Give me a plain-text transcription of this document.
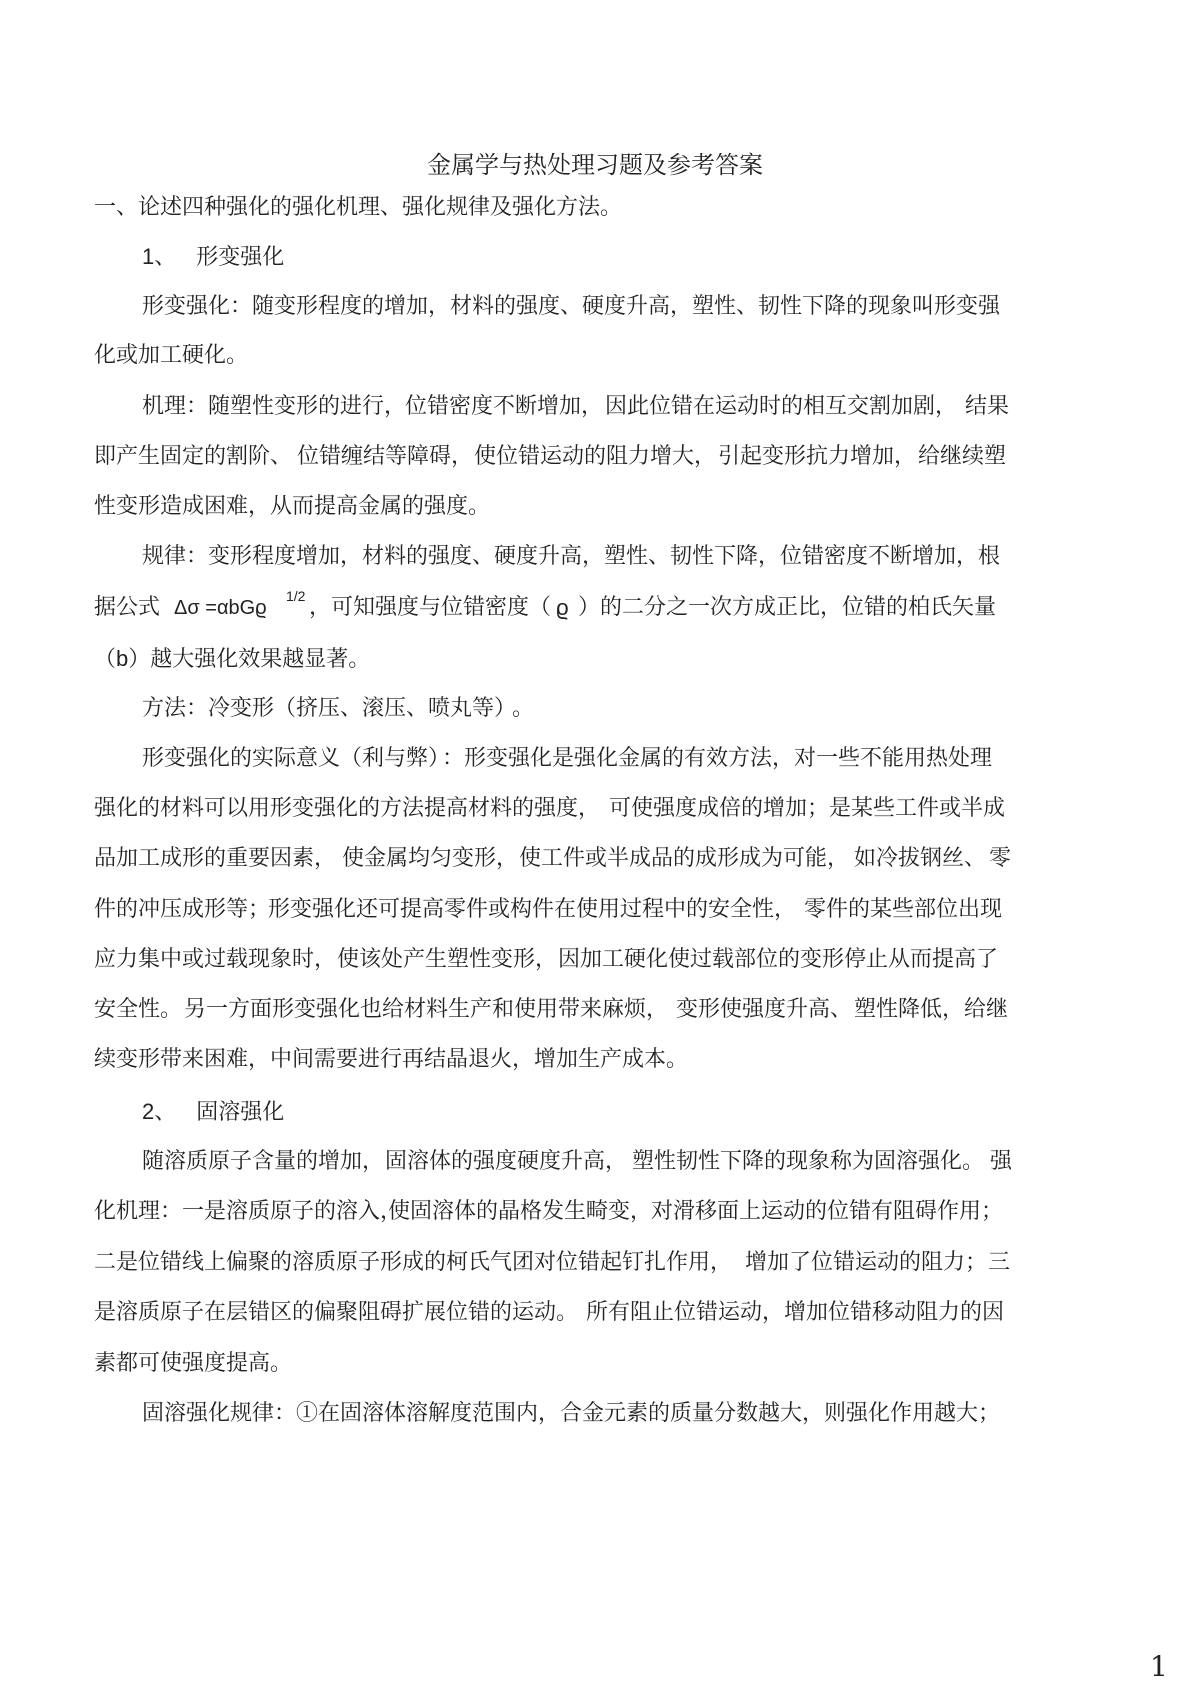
金属学与热处理习题及参考答案
一、论述四种强化的强化机理、强化规律及强化方法。
1、 形变强化
形变强化：随变形程度的增加，材料的强度、硬度升高，塑性、韧性下降的现象叫形变强
化或加工硬化。
机理：随塑性变形的进行，
位错密度不断增加， 因此位错在运动时的相互交割加剧， 结果
即产生固定的割阶、 位错缠结等障碍， 使位错运动的阻力增大， 引起变形抗力增加， 给继续塑
性变形造成困难，从而提高金属的强度。
规律：变形程度增加，材料的强度、硬度升高，塑性、韧性下降，位错密度不断增加，根
据公式 Δσ =αbGϱ
1/2 ，可知强度与位错密度（ ϱ ）的二分之一次方成正比，位错的柏氏矢量
（b）越大强化效果越显著。
方法：冷变形（挤压、滚压、喷丸等）
。
形变强化的实际意义（利与弊）
：形变强化是强化金属的有效方法，对一些不能用热处理
强化的材料可以用形变强化的方法提高材料的强度， 可使强度成倍的增加； 是某些工件或半成
品加工成形的重要因素， 使金属均匀变形， 使工件或半成品的成形成为可能， 如冷拔钢丝、 零
件的冲压成形等；
形变强化还可提高零件或构件在使用过程中的安全性， 零件的某些部位出现
应力集中或过载现象时， 使该处产生塑性变形， 因加工硬化使过载部位的变形停止从而提高了
安全性。 另一方面形变强化也给材料生产和使用带来麻烦， 变形使强度升高、 塑性降低， 给继
续变形带来困难，中间需要进行再结晶退火，增加生产成本。
2、 固溶强化
随溶质原子含量的增加， 固溶体的强度硬度升高， 塑性韧性下降的现象称为固溶强化。 强
化机理：一是溶质原子的溶入，
使固溶体的晶格发生畸变，
对滑移面上运动的位错有阻碍作用；
二是位错线上偏聚的溶质原子形成的柯氏气团对位错起钉扎作用， 增加了位错运动的阻力； 三
是溶质原子在层错区的偏聚阻碍扩展位错的运动。 所有阻止位错运动， 增加位错移动阻力的因
素都可使强度提高。
固溶强化规律：①在固溶体溶解度范围内，合金元素的质量分数越大，则强化作用越大；
1
